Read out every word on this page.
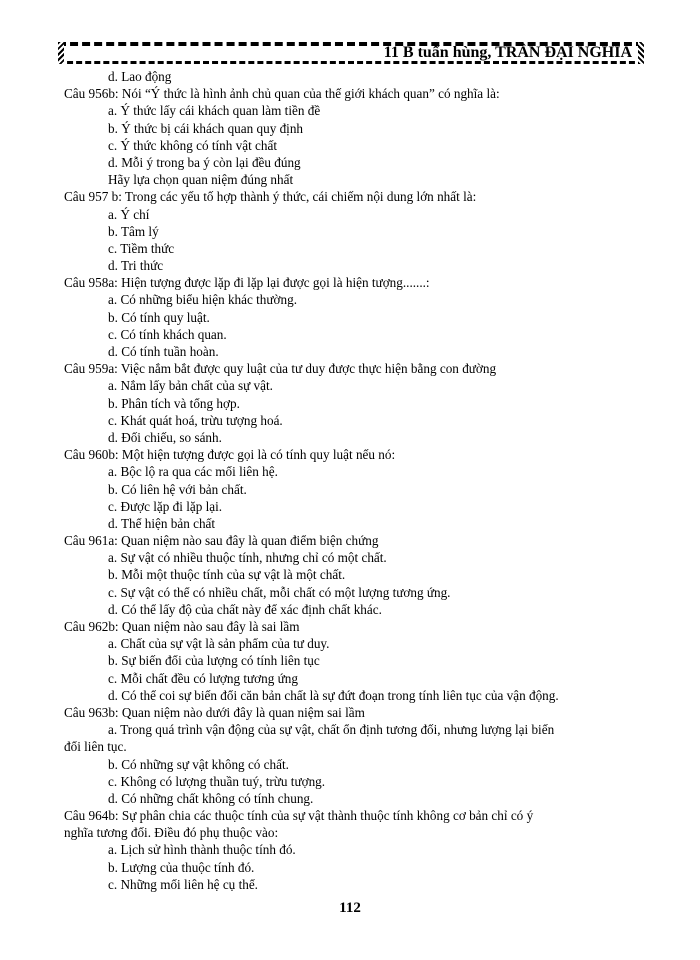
11 B tuấn hùng, TRẦN ĐẠI NGHĨA
d. Lao động
Câu 956b: Nói “Ý thức là hình ảnh chủ quan của thế giới khách quan” có nghĩa là:
a. Ý thức lấy cái khách quan làm tiền đề
b. Ý thức bị cái khách quan quy định
c. Ý thức không có tính vật chất
d. Mỗi ý trong ba ý còn lại đều đúng
Hãy lựa chọn quan niệm đúng nhất
Câu 957 b: Trong các yếu tố hợp thành ý thức, cái chiếm nội dung lớn nhất là:
a. Ý chí
b. Tâm lý
c. Tiềm thức
d. Tri thức
Câu 958a: Hiện tượng được lặp đi lặp lại được gọi là hiện tượng.......:
a. Có những biểu hiện khác thường.
b. Có tính quy luật.
c. Có tính khách quan.
d. Có tính tuần hoàn.
Câu 959a: Việc nắm bắt được quy luật của tư duy được thực hiện bằng con đường
a. Nắm lấy bản chất của sự vật.
b. Phân tích và tổng hợp.
c. Khát quát hoá, trừu tượng hoá.
d. Đối chiếu, so sánh.
Câu 960b: Một hiện tượng được gọi là có tính quy luật nếu nó:
a. Bộc lộ ra qua các mối liên hệ.
b. Có liên hệ với bản chất.
c. Được lặp đi lặp lại.
d. Thể hiện bản chất
Câu 961a: Quan niệm nào sau đây là quan điểm biện chứng
a. Sự vật có nhiều thuộc tính, nhưng chỉ có một chất.
b. Mỗi một thuộc tính của sự vật là một chất.
c. Sự vật có thể có nhiều chất, mỗi chất có một lượng tương ứng.
d. Có thể lấy độ của chất này để xác định chất khác.
Câu 962b: Quan niệm nào sau đây là sai lầm
a. Chất của sự vật là sản phẩm của tư duy.
b. Sự biến đổi của lượng có tính liên tục
c. Mỗi chất đều có lượng tương ứng
d. Có thể coi sự biến đổi căn bản chất là sự đứt đoạn trong tính liên tục của vận động.
Câu 963b: Quan niệm nào dưới đây là quan niệm sai lầm
a. Trong quá trình vận động của sự vật, chất ổn định tương đối, nhưng lượng lại biến
đổi liên tục.
b. Có những sự vật không có chất.
c. Không có lượng thuần tuý, trừu tượng.
d. Có những chất không có tính chung.
Câu 964b: Sự phân chia các thuộc tính của sự vật thành thuộc tính không cơ bản chỉ có ý
nghĩa tương đối. Điều đó phụ thuộc vào:
a. Lịch sử hình thành thuộc tính đó.
b. Lượng của thuộc tính đó.
c. Những mối liên hệ cụ thể.
112
